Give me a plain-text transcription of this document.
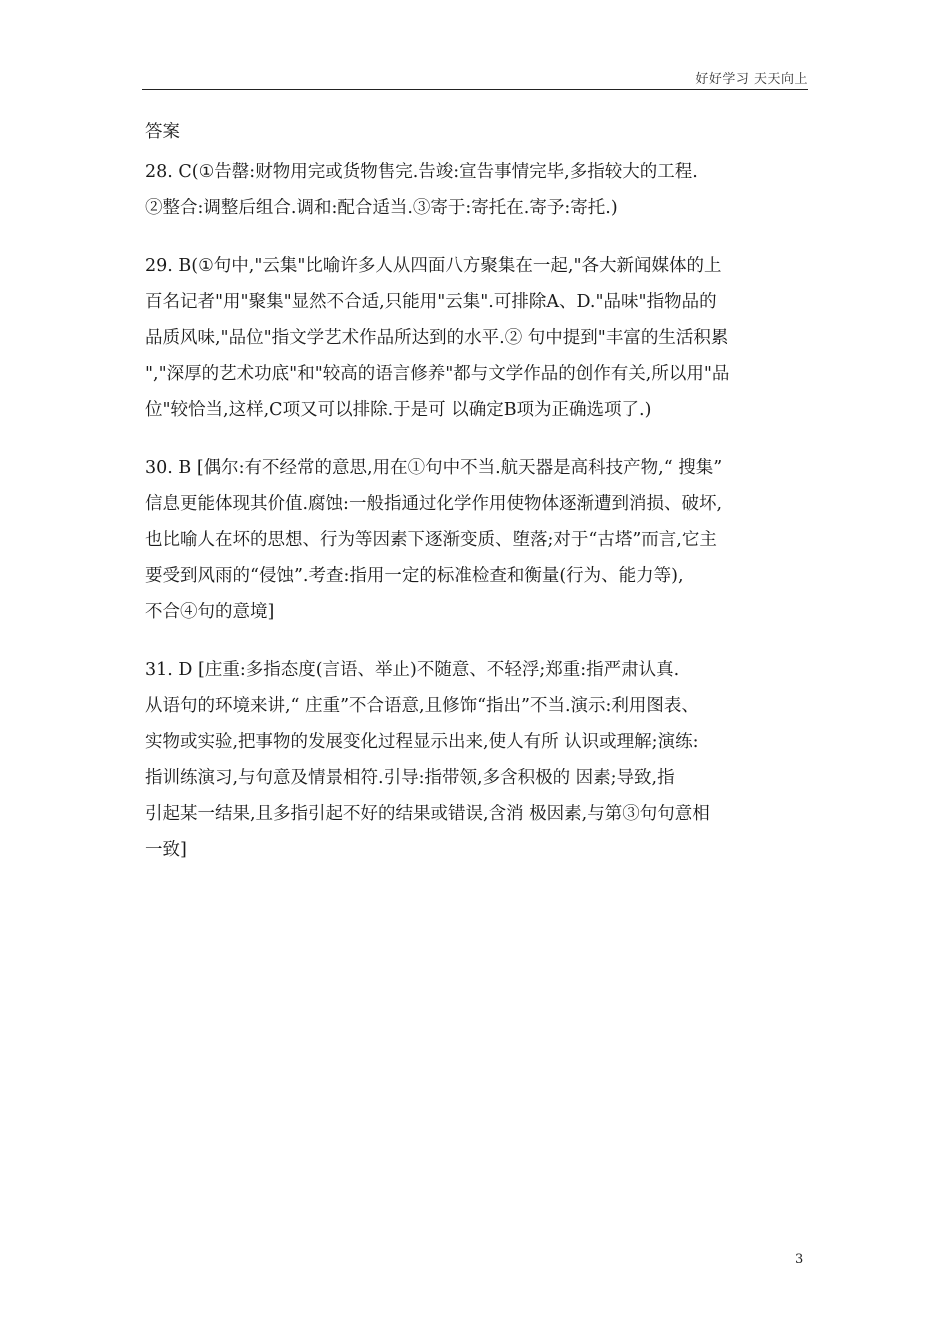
好好学习 天天向上
答案
28. C(①告罄:财物用完或货物售完.告竣:宣告事情完毕,多指较大的工程.
②整合:调整后组合.调和:配合适当.③寄于:寄托在.寄予:寄托.)
29. B(①句中,"云集"比喻许多人从四面八方聚集在一起,"各大新闻媒体的上
百名记者"用"聚集"显然不合适,只能用"云集".可排除A、D."品味"指物品的
品质风味,"品位"指文学艺术作品所达到的水平.② 句中提到"丰富的生活积累
","深厚的艺术功底"和"较高的语言修养"都与文学作品的创作有关,所以用"品
位"较恰当,这样,C项又可以排除.于是可 以确定B项为正确选项了.)
30. B [偶尔:有不经常的意思,用在①句中不当.航天器是高科技产物,“ 搜集”
信息更能体现其价值.腐蚀:一般指通过化学作用使物体逐渐遭到消损、破坏,
也比喻人在坏的思想、行为等因素下逐渐变质、堕落;对于“古塔”而言,它主
要受到风雨的“侵蚀”.考查:指用一定的标准检查和衡量(行为、能力等),
不合④句的意境]
31. D [庄重:多指态度(言语、举止)不随意、不轻浮;郑重:指严肃认真.
从语句的环境来讲,“ 庄重”不合语意,且修饰“指出”不当.演示:利用图表、
实物或实验,把事物的发展变化过程显示出来,使人有所 认识或理解;演练:
指训练演习,与句意及情景相符.引导:指带领,多含积极的 因素;导致,指
引起某一结果,且多指引起不好的结果或错误,含消 极因素,与第③句句意相
一致]
3
